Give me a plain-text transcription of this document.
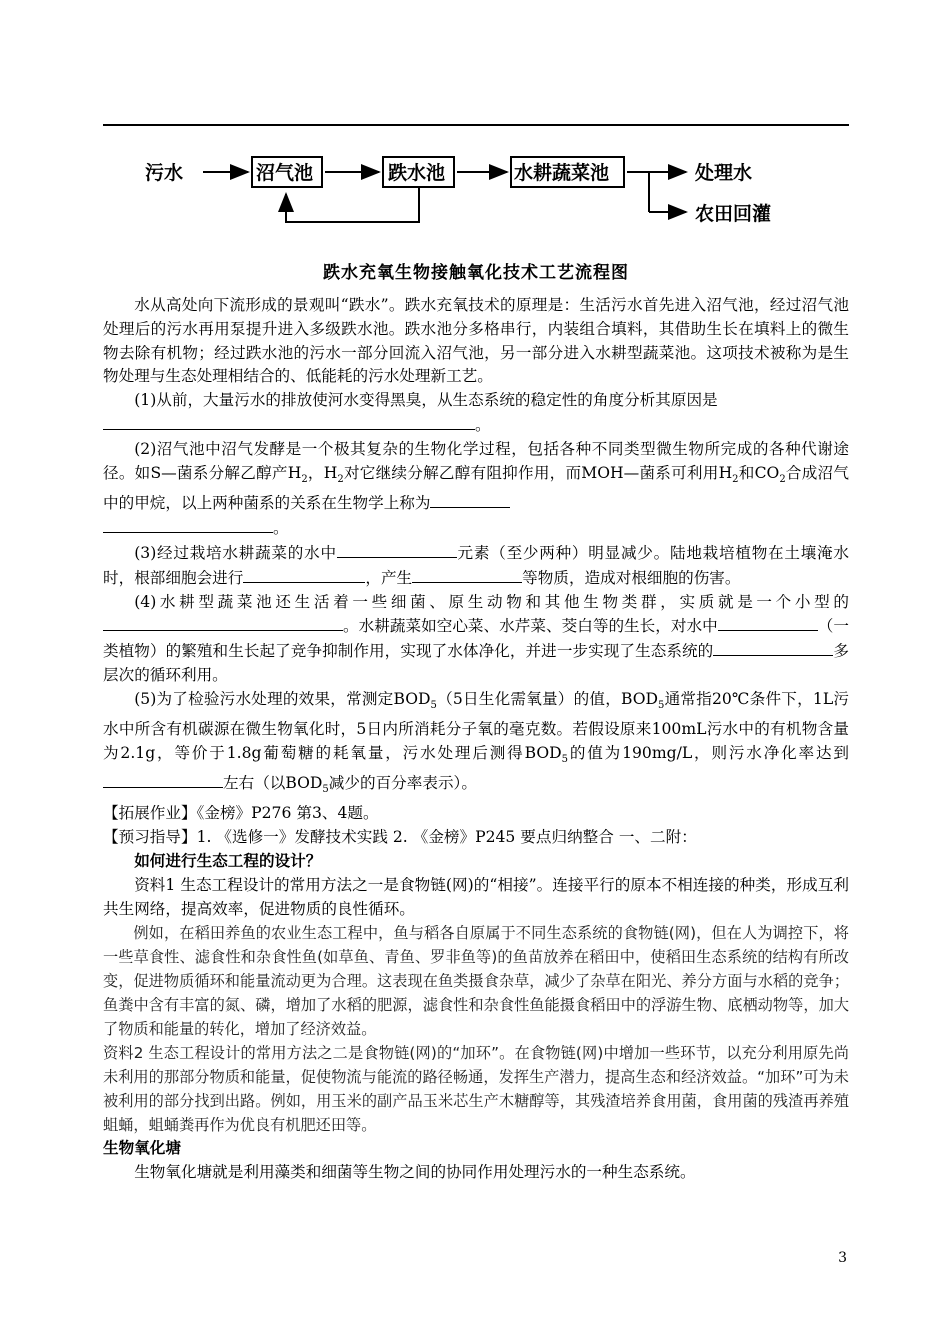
污水	沼气池	跌水池	水耕蔬菜池	处理水
农田回灌
跌水充氧生物接触氧化技术工艺流程图

水从高处向下流形成的景观叫“跌水”。跌水充氧技术的原理是：生活污水首先进入沼气池，经过沼气池处理后的污水再用泵提升进入多级跌水池。跌水池分多格串行，内装组合填料，其借助生长在填料上的微生物去除有机物；经过跌水池的污水一部分回流入沼气池，另一部分进入水耕型蔬菜池。这项技术被称为是生物处理与生态处理相结合的、低能耗的污水处理新工艺。

(1)从前，大量污水的排放使河水变得黑臭，从生态系统的稳定性的角度分析其原因是
。

(2)沼气池中沼气发酵是一个极其复杂的生物化学过程，包括各种不同类型微生物所完成的各种代谢途径。如S—菌系分解乙醇产$H_2$，$H_2$对它继续分解乙醇有阻抑作用，而MOH—菌系可利用$H_2$和$CO_2$合成沼气中的甲烷，以上两种菌系的关系在生物学上称为
。

(3)经过栽培水耕蔬菜的水中	元素（至少两种）明显减少。陆地栽培植物在土壤淹水时，根部细胞会进行	，产生	等物质，造成对根细胞的伤害。

(4)水耕型蔬菜池还生活着一些细菌、原生动物和其他生物类群，实质就是一个小型的。水耕蔬菜如空心菜、水芹菜、茭白等的生长，对水中	（一类植物）的繁殖和生长起了竞争抑制作用，实现了水体净化，并进一步实现了生态系统的	多层次的循环利用。

(5)为了检验污水处理的效果，常测定$BOD_5(5$日生化需氧量）的值，$BOD_5$通常指20℃条件下，1L污水中所含有机碳源在微生物氧化时，5日内所消耗分子氧的毫克数。若假设原来100mL污水中的有机物含量为2.1g，等价于1.8g葡萄糖的耗氧量，污水处理后测得$BOD_5$的值为190mg/L，则污水净化率达到左右（以$BOD_5$减少的百分率表示）。

【拓展作业】《金榜》P276 第3、4题。

【预习指导】1. 《选修一》发酵技术实践 2. 《金榜》P245 要点归纳整合 一、二附：

如何进行生态工程的设计？

资料1 生态工程设计的常用方法之一是食物链(网)的“相接”。连接平行的原本不相连接的种类，形成互利共生网络，提高效率，促进物质的良性循环。

例如，在稻田养鱼的农业生态工程中，鱼与稻各自原属于不同生态系统的食物链(网)，但在人为调控下，将一些草食性、滤食性和杂食性鱼(如草鱼、青鱼、罗非鱼等)的鱼苗放养在稻田中，使稻田生态系统的结构有所改变，促进物质循环和能量流动更为合理。这表现在鱼类摄食杂草，减少了杂草在阳光、养分方面与水稻的竞争；鱼粪中含有丰富的氮、磷，增加了水稻的肥源，滤食性和杂食性鱼能摄食稻田中的浮游生物、底栖动物等，加大了物质和能量的转化，增加了经济效益。

资料2 生态工程设计的常用方法之二是食物链(网)的“加环”。在食物链(网)中增加一些环节，以充分利用原先尚未利用的那部分物质和能量，促使物流与能流的路径畅通，发挥生产潜力，提高生态和经济效益。“加环”可为未被利用的部分找到出路。例如，用玉米的副产品玉米芯生产木糖醇等，其残渣培养食用菌，食用菌的残渣再养殖蛆蛹，蛆蛹粪再作为优良有机肥还田等。

生物氧化塘

生物氧化塘就是利用藻类和细菌等生物之间的协同作用处理污水的一种生态系统。

3
